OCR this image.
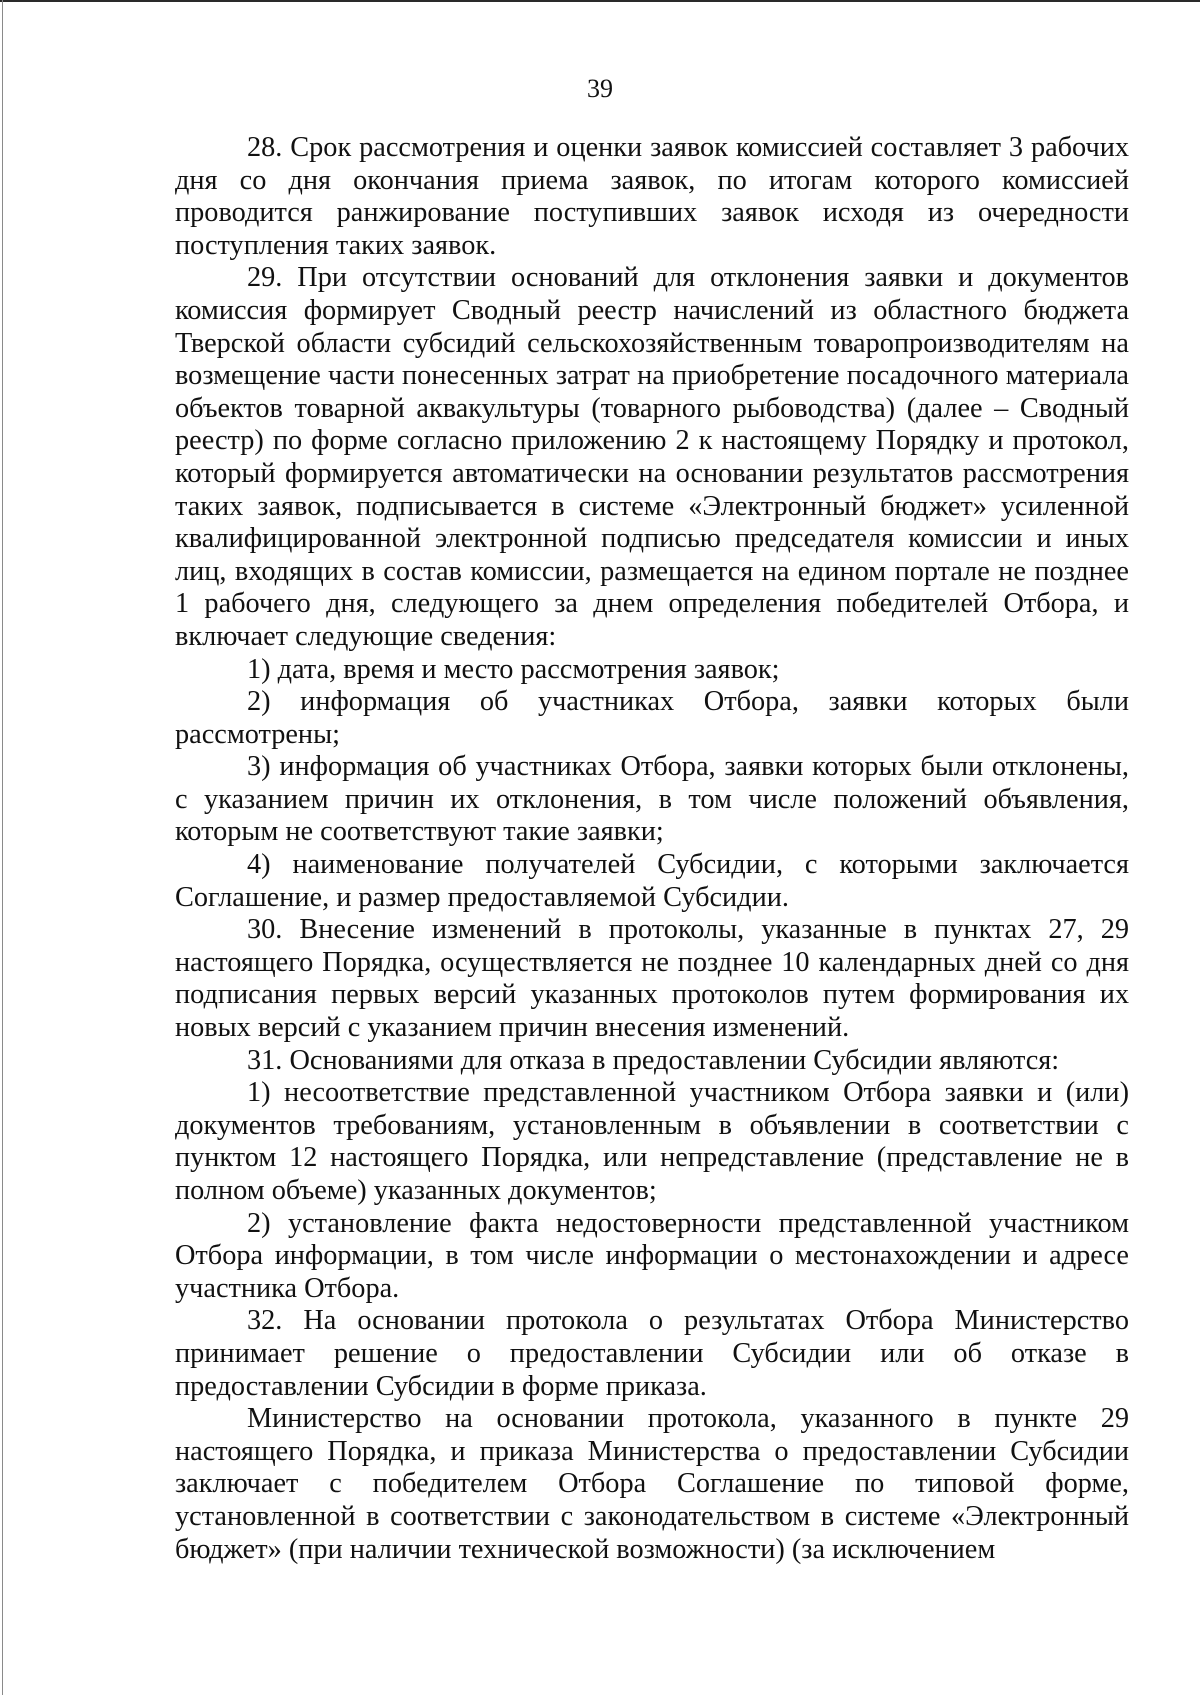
39

28. Срок рассмотрения и оценки заявок комиссией составляет 3 рабочих дня со дня окончания приема заявок, по итогам которого комиссией проводится ранжирование поступивших заявок исходя из очередности поступления таких заявок.

29. При отсутствии оснований для отклонения заявки и документов комиссия формирует Сводный реестр начислений из областного бюджета Тверской области субсидий сельскохозяйственным товаропроизводителям на возмещение части понесенных затрат на приобретение посадочного материала объектов товарной аквакультуры (товарного рыбоводства) (далее – Сводный реестр) по форме согласно приложению 2 к настоящему Порядку и протокол, который формируется автоматически на основании результатов рассмотрения таких заявок, подписывается в системе «Электронный бюджет» усиленной квалифицированной электронной подписью председателя комиссии и иных лиц, входящих в состав комиссии, размещается на едином портале не позднее 1 рабочего дня, следующего за днем определения победителей Отбора, и включает следующие сведения:

1) дата, время и место рассмотрения заявок;

2) информация об участниках Отбора, заявки которых были рассмотрены;

3) информация об участниках Отбора, заявки которых были отклонены, с указанием причин их отклонения, в том числе положений объявления, которым не соответствуют такие заявки;

4) наименование получателей Субсидии, с которыми заключается Соглашение, и размер предоставляемой Субсидии.

30. Внесение изменений в протоколы, указанные в пунктах 27, 29 настоящего Порядка, осуществляется не позднее 10 календарных дней со дня подписания первых версий указанных протоколов путем формирования их новых версий с указанием причин внесения изменений.

31. Основаниями для отказа в предоставлении Субсидии являются:

1) несоответствие представленной участником Отбора заявки и (или) документов требованиям, установленным в объявлении в соответствии с пунктом 12 настоящего Порядка, или непредставление (представление не в полном объеме) указанных документов;

2) установление факта недостоверности представленной участником Отбора информации, в том числе информации о местонахождении и адресе участника Отбора.

32. На основании протокола о результатах Отбора Министерство принимает решение о предоставлении Субсидии или об отказе в предоставлении Субсидии в форме приказа.

Министерство на основании протокола, указанного в пункте 29 настоящего Порядка, и приказа Министерства о предоставлении Субсидии заключает с победителем Отбора Соглашение по типовой форме, установленной в соответствии с законодательством в системе «Электронный бюджет» (при наличии технической возможности) (за исключением
